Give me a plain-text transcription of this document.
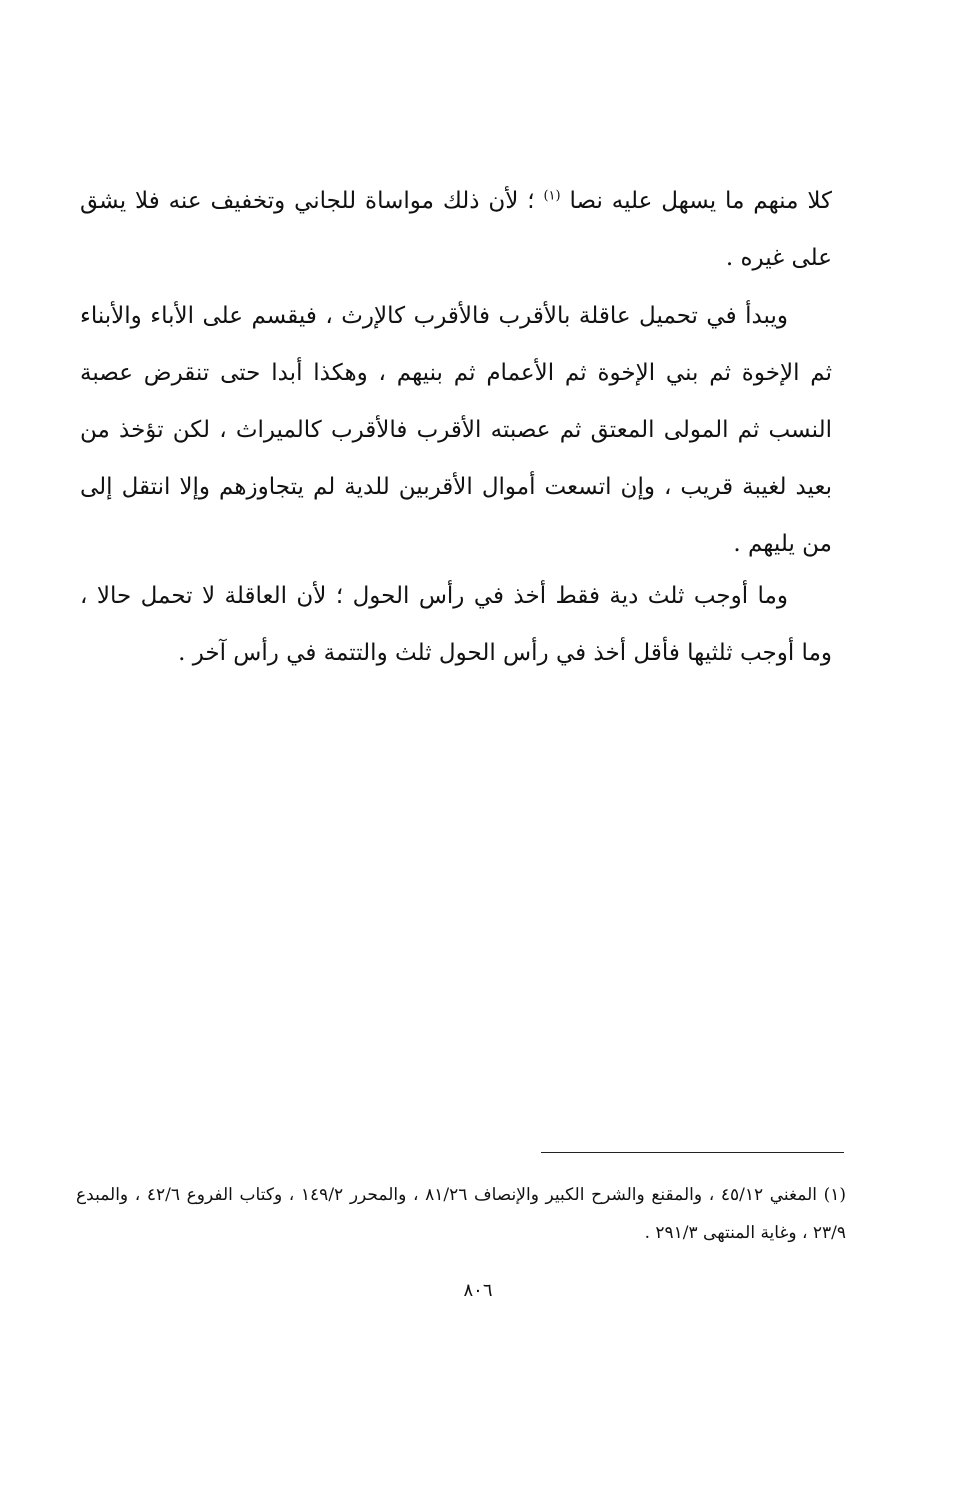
كلا منهم ما يسهل عليه نصا $^{(١)}$ ؛ لأن ذلك مواساة للجاني وتخفيف عنه فلا يشق على غيره .

ويبدأ في تحميل عاقلة بالأقرب فالأقرب كالإرث ، فيقسم على الأباء والأبناء ثم الإخوة ثم بني الإخوة ثم الأعمام ثم بنيهم ، وهكذا أبدا حتى تنقرض عصبة النسب ثم المولى المعتق ثم عصبته الأقرب فالأقرب كالميراث ، لكن تؤخذ من بعيد لغيبة قريب ، وإن اتسعت أموال الأقربين للدية لم يتجاوزهم وإلا انتقل إلى من يليهم .

وما أوجب ثلث دية فقط أخذ في رأس الحول ؛ لأن العاقلة لا تحمل حالا ، وما أوجب ثلثيها فأقل أخذ في رأس الحول ثلث والتتمة في رأس آخر .

(١) المغني ٤٥/١٢ ، والمقنع والشرح الكبير والإنصاف ٨١/٢٦ ، والمحرر ١٤٩/٢ ، وكتاب الفروع ٤٢/٦ ، والمبدع ٢٣/٩ ، وغاية المنتهى ٢٩١/٣ .
٨٠٦
